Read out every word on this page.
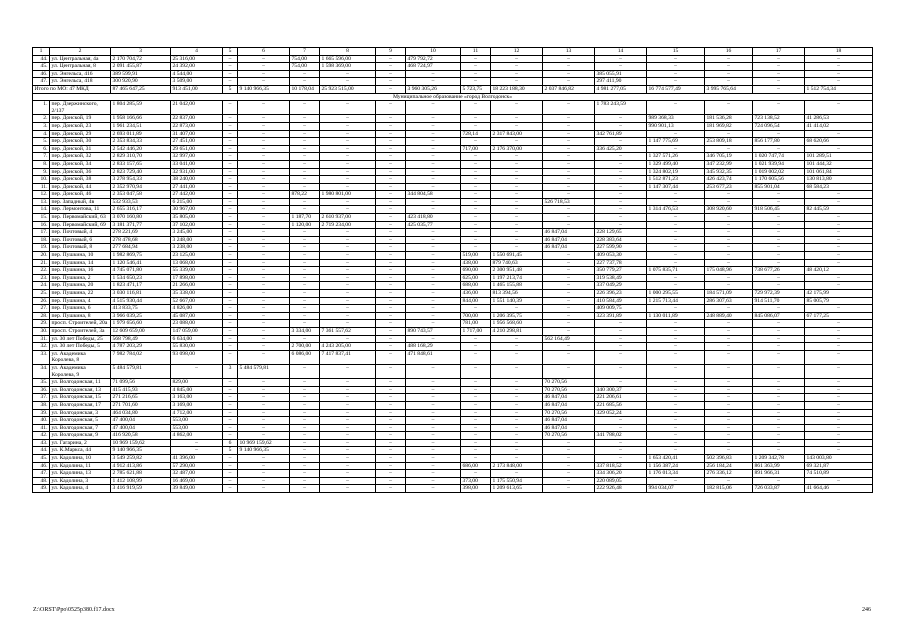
1	2	3	4	5	6	7	8	9	10	11	12	13	14	15	16	17	18
44.	ул. Центральная, 4а	2 170 704,72	25 316,00	–	–	754,00	1 665 596,00	–	479 792,72	–	–	–	–	–	–	–	–
45.	ул. Центральная, 8	2 091 455,87	24 392,00	–	–	754,00	1 598 369,00	–	468 724,97	–	–	–	–	–	–	–	–
46.	ул. Энгельса, 416	389 599,91	4 544,00	–	–	–	–	–	–	–	–	–	385 055,91	–	–	–	–
47.	ул. Энгельса, 418	300 920,90	3 509,00	–	–	–	–	–	–	–	–	–	297 411,90	–	–	–	–
Итого по МО: 47 МКД		87 465 647,25	913 451,00	5	9 140 966,35	10 178,04	25 923 515,00	–	3 960 305,26	5 723,75	18 223 188,30	2 037 846,82	4 981 277,05	16 774 577,49	3 995 765,64	–	1 512 754,34
Муниципальное образование «город Волгодонск»																	
1.	пер. Дзержинского, 2/137	1 804 285,59	21 042,00	–	–	–	–	–	–	–	–	–	1 783 243,59	–	–	–	–
2.	пер. Донской, 19	1 958 166,66	22 837,00	–	–	–	–	–	–	–	–	–	–	989 368,33	181 536,28	723 138,52	41 286,53
3.	пер. Донской, 23	1 961 234,51	22 873,00	–	–	–	–	–	–	–	–	–	–	990 901,13	181 969,82	724 096,54	41 414,02
4.	пер. Донской, 29	2 693 011,89	31 407,00	–	–	–	–	–	–	728,14	2 317 843,00	–	342 761,89	–	–	–	–
5.	пер. Донской, 30	2 353 834,33	27 451,00	–	–	–	–	–	–	–	–	–	–	1 147 775,69	253 809,18	856 177,80	68 620,66
6.	пер. Донской, 31	2 542 446,20	29 651,00	–	–	–	–	–	–	717,00	2 176 370,00	–	336 425,20	–	–	–	–
7.	пер. Донской, 32	2 829 310,70	32 997,00	–	–	–	–	–	–	–	–	–	–	1 327 571,26	346 705,19	1 020 747,74	101 289,51
8.	пер. Донской, 34	2 833 157,65	33 041,00	–	–	–	–	–	–	–	–	–	–	1 329 499,40	347 232,99	1 021 939,94	101 444,32
9.	пер. Донской, 36	2 823 729,40	32 931,00	–	–	–	–	–	–	–	–	–	–	1 324 802,19	345 932,35	1 019 002,02	101 061,84
10.	пер. Донской, 38	3 278 954,33	38 240,00	–	–	–	–	–	–	–	–	–	–	1 512 871,23	426 423,74	1 170 605,56	130 813,80
11.	пер. Донской, 44	2 352 970,94	27 441,00	–	–	–	–	–	–	–	–	–	–	1 147 307,44	253 677,23	855 901,04	68 584,23
12.	пер. Донской, 46	2 353 047,58	27 442,00	–	–	878,22	1 980 801,00	–	344 804,58	–	–	–	–	–	–	–	–
13.	пер. Западный, 4в	532 933,53	6 215,00	–	–	–	–	–	–	–	–	526 718,53	–	–	–	–	–
14.	пер. Лермонтова, 11	2 655 316,17	30 967,00	–	–	–	–	–	–	–	–	–	–	1 314 476,53	308 920,60	918 506,45	82 445,59
15.	пер. Первомайский, 63	3 070 160,80	35 805,00	–	–	1 187,70	2 610 937,00	–	423 418,80	–	–	–	–	–	–	–	–
16.	пер. Первомайский, 69	3 181 371,77	37 102,00	–	–	1 120,00	2 719 234,00	–	425 035,77	–	–	–	–	–	–	–	–
17.	пер. Почтовый, 4	278 221,69	3 245,00	–	–	–	–	–	–	–	–	46 847,04	228 129,65	–	–	–	–
18.	пер. Почтовый, 6	278 478,68	3 248,00	–	–	–	–	–	–	–	–	46 847,04	228 383,64	–	–	–	–
19.	пер. Почтовый, 8	277 684,94	3 238,00	–	–	–	–	–	–	–	–	46 847,04	227 599,90	–	–	–	–
20.	пер. Пушкина, 10	1 982 869,75	23 125,00	–	–	–	–	–	–	519,00	1 550 691,45	–	409 053,30	–	–	–	–
21.	пер. Пушкина, 14	1 120 546,41	13 068,00	–	–	–	–	–	–	438,00	879 740,63	–	227 737,78	–	–	–	–
22.	пер. Пушкина, 16	4 745 071,80	55 339,00	–	–	–	–	–	–	690,00	2 300 951,48	–	350 779,27	1 075 835,71	175 048,96	738 677,26	48 420,12
23.	пер. Пушкина, 2	1 534 650,23	17 898,00	–	–	–	–	–	–	625,00	1 197 213,74	–	319 538,49	–	–	–	–
24.	пер. Пушкина, 20	1 823 471,17	21 266,00	–	–	–	–	–	–	688,00	1 465 155,88	–	337 049,29	–	–	–	–
25.	пер. Пушкина, 22	3 030 116,81	35 338,00	–	–	–	–	–	–	436,00	813 394,56	–	226 396,23	1 000 295,55	184 571,09	729 972,39	42 175,99
26.	пер. Пушкина, 4	4 515 930,44	52 667,00	–	–	–	–	–	–	844,00	1 551 140,39	–	410 584,49	1 215 713,44	286 307,63	914 511,70	85 005,79
27.	пер. Пушкина, 6	413 833,75	4 826,00	–	–	–	–	–	–	–	–	–	409 009,75	–	–	–	–
28.	пер. Пушкина, 8	3 966 039,25	45 087,00	–	–	–	–	–	–	700,00	1 206 395,75	–	323 391,89	1 130 011,89	248 889,40	845 086,07	67 177,25
29.	просп. Строителей, 20а	1 979 656,60	23 088,00	–	–	–	–	–	–	781,00	1 956 568,60	–	–	–	–	–	–
30.	просп. Строителей, 3а	12 609 659,00	147 059,00	–	–	3 334,00	7 361 557,62	–	890 743,57	1 717,00	4 210 298,81	–	–	–	–	–	–
31.	ул. 30 лет Победы, 25	568 798,49	6 634,00	–	–	–	–	–	–	–	–	562 164,49	–	–	–	–	–
32.	ул. 30 лет Победы, 5	4 787 203,29	55 830,00	–	–	2 700,00	4 243 205,00	–	488 168,29	–	–	–	–	–	–	–	–
33.	ул. Академика Королева, 8	7 982 784,02	93 098,00	–	–	6 086,00	7 417 837,41	–	471 848,61	–	–	–	–	–	–	–	–
34.	ул. Академика Королева, 9	5 484 579,81	–	3	5 484 579,81	–	–	–	–	–	–	–	–	–	–	–	–
35.	ул. Волгодонская, 11	71 099,56	829,00	–	–	–	–	–	–	–	–	70 270,56	–	–	–	–	–
36.	ул. Волгодонская, 13	415 415,93	4 845,00	–	–	–	–	–	–	–	–	70 270,56	340 300,37	–	–	–	–
37.	ул. Волгодонская, 15	271 216,65	3 163,00	–	–	–	–	–	–	–	–	46 847,04	221 206,61	–	–	–	–
38.	ул. Волгодонская, 17	271 701,60	3 169,00	–	–	–	–	–	–	–	–	46 847,04	221 685,56	–	–	–	–
39.	ул. Волгодонская, 3	464 034,80	4 712,00	–	–	–	–	–	–	–	–	70 270,56	329 052,24	–	–	–	–
40.	ул. Волгодонская, 5	47 400,04	553,00	–	–	–	–	–	–	–	–	46 847,04	–	–	–	–	–
41.	ул. Волгодонская, 7	47 400,04	553,00	–	–	–	–	–	–	–	–	46 847,04	–	–	–	–	–
42.	ул. Волгодонская, 9	416 920,58	4 862,00	–	–	–	–	–	–	–	–	70 270,56	341 788,02	–	–	–	–
43.	ул. Гагарина, 2	10 969 159,62	–	6	10 969 159,62	–	–	–	–	–	–	–	–	–	–	–	–
44.	ул. К.Маркса, 44	9 140 966,35	–	5	9 140 966,35	–	–	–	–	–	–	–	–	–	–	–	–
45.	ул. Кадолина, 10	3 549 259,82	41 396,00	–	–	–	–	–	–	–	–	–	–	1 653 420,41	502 396,83	1 209 342,78	143 003,80
46.	ул. Кадолина, 11	4 912 413,86	57 290,00	–	–	–	–	–	–	686,00	2 173 848,00	–	337 818,52	1 156 387,24	256 184,24	861 363,99	69 321,87
47.	ул. Кадолина, 13	2 785 621,88	32 487,00	–	–	–	–	–	–	–	–	–	334 306,20	1 176 013,34	276 336,12	891 966,31	74 510,89
48.	ул. Кадолина, 3	1 412 108,99	16 469,00	–	–	–	–	–	–	373,00	1 175 550,94	–	220 089,05	–	–	–	–
49.	ул. Кадолина, 4	3 416 919,59	39 849,00	–	–	–	–	–	–	398,00	1 209 613,65	–	222 926,48	994 034,07	182 815,06	726 033,87	41 664,46
Z:\ORST\Ppo\0525p380.f17.docx	246
